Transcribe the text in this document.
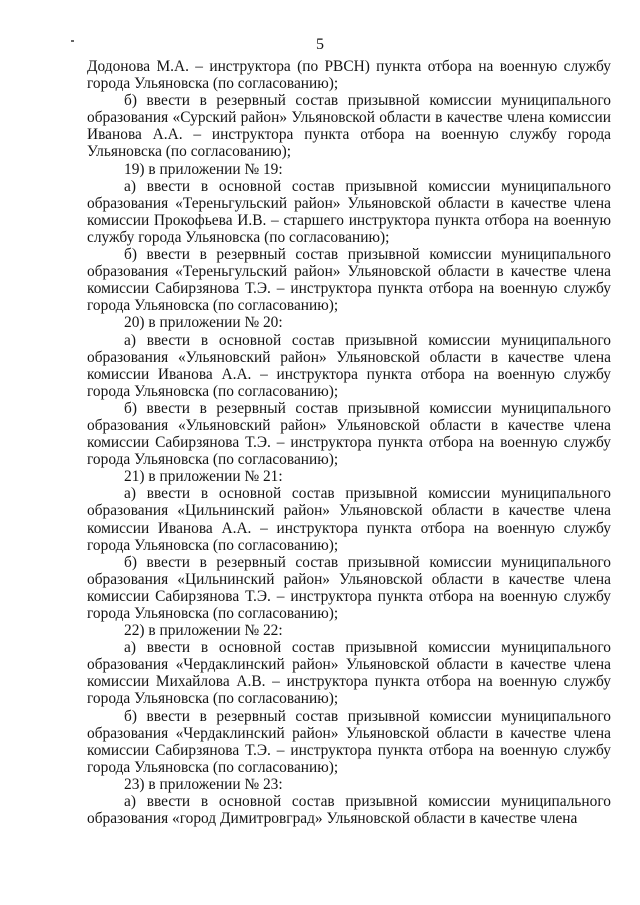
5

Додонова М.А. – инструктора (по РВСН) пункта отбора на военную службу города Ульяновска (по согласованию);

б) ввести в резервный состав призывной комиссии муниципального образования «Сурский район» Ульяновской области в качестве члена комиссии Иванова А.А. – инструктора пункта отбора на военную службу города Ульяновска (по согласованию);

19) в приложении № 19:

а) ввести в основной состав призывной комиссии муниципального образования «Тереньгульский район» Ульяновской области в качестве члена комиссии Прокофьева И.В. – старшего инструктора пункта отбора на военную службу города Ульяновска (по согласованию);

б) ввести в резервный состав призывной комиссии муниципального образования «Тереньгульский район» Ульяновской области в качестве члена комиссии Сабирзянова Т.Э. – инструктора пункта отбора на военную службу города Ульяновска (по согласованию);

20) в приложении № 20:

а) ввести в основной состав призывной комиссии муниципального образования «Ульяновский район» Ульяновской области в качестве члена комиссии Иванова А.А. – инструктора пункта отбора на военную службу города Ульяновска (по согласованию);

б) ввести в резервный состав призывной комиссии муниципального образования «Ульяновский район» Ульяновской области в качестве члена комиссии Сабирзянова Т.Э. – инструктора пункта отбора на военную службу города Ульяновска (по согласованию);

21) в приложении № 21:

а) ввести в основной состав призывной комиссии муниципального образования «Цильнинский район» Ульяновской области в качестве члена комиссии Иванова А.А. – инструктора пункта отбора на военную службу города Ульяновска (по согласованию);

б) ввести в резервный состав призывной комиссии муниципального образования «Цильнинский район» Ульяновской области в качестве члена комиссии Сабирзянова Т.Э. – инструктора пункта отбора на военную службу города Ульяновска (по согласованию);

22) в приложении № 22:

а) ввести в основной состав призывной комиссии муниципального образования «Чердаклинский район» Ульяновской области в качестве члена комиссии Михайлова А.В. – инструктора пункта отбора на военную службу города Ульяновска (по согласованию);

б) ввести в резервный состав призывной комиссии муниципального образования «Чердаклинский район» Ульяновской области в качестве члена комиссии Сабирзянова Т.Э. – инструктора пункта отбора на военную службу города Ульяновска (по согласованию);

23) в приложении № 23:

а) ввести в основной состав призывной комиссии муниципального образования «город Димитровград» Ульяновской области в качестве члена
